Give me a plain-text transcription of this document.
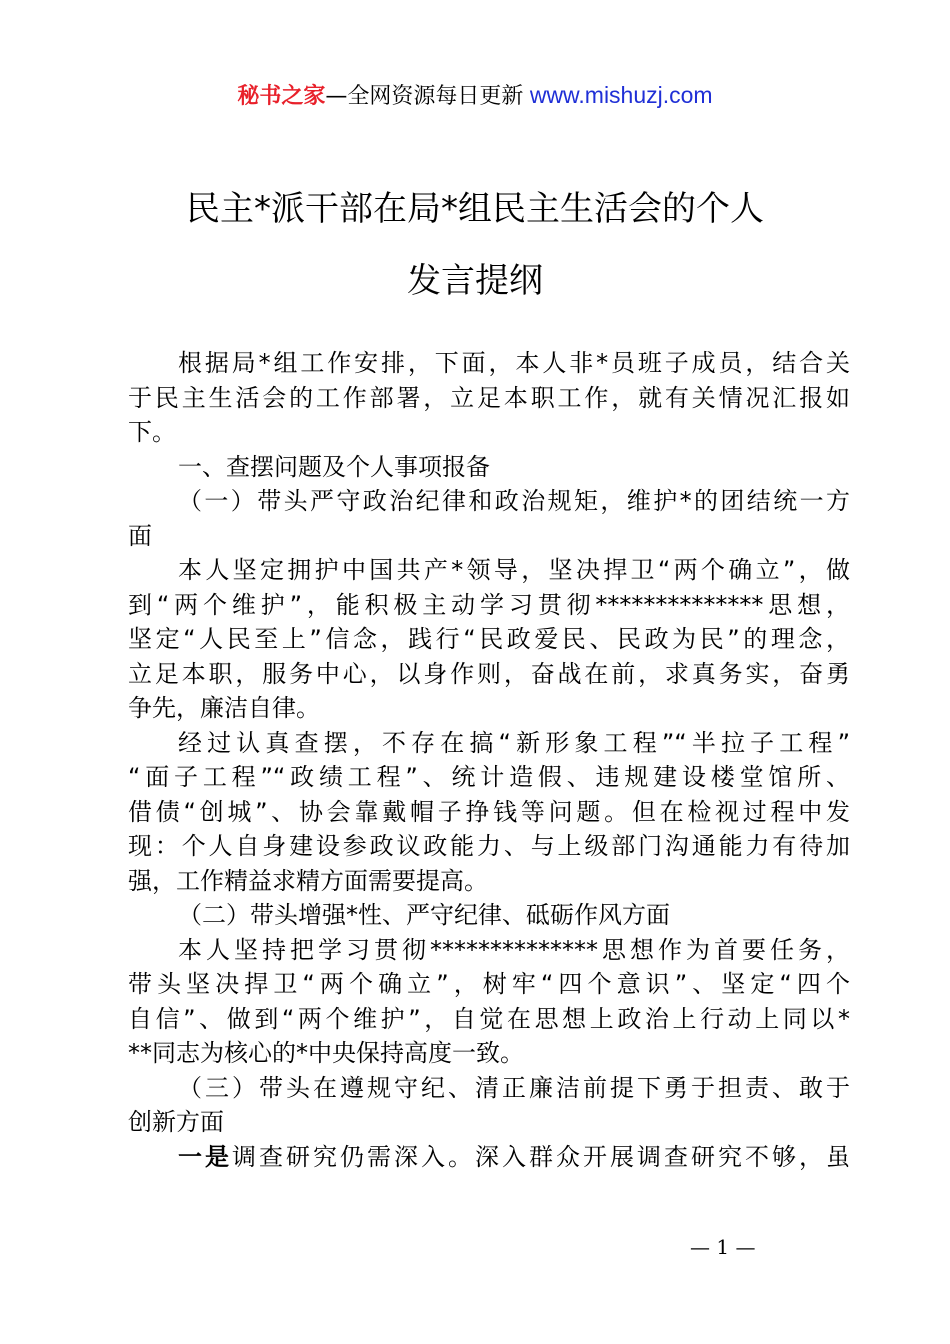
秘书之家—全网资源每日更新 www.mishuzj.com
民主*派干部在局*组民主生活会的个人
发言提纲
根据局*组工作安排，下面，本人非*员班子成员，结合关
于民主生活会的工作部署，立足本职工作，就有关情况汇报如
下。
一、查摆问题及个人事项报备
（一）带头严守政治纪律和政治规矩，维护*的团结统一方
面
本人坚定拥护中国共产*领导，坚决捍卫“两个确立”，做
到“两个维护”，能积极主动学习贯彻**************思想，
坚定“人民至上”信念，践行“民政爱民、民政为民”的理念，
立足本职，服务中心，以身作则，奋战在前，求真务实，奋勇
争先，廉洁自律。
经过认真查摆，不存在搞“新形象工程”“半拉子工程”
“面子工程”“政绩工程”、统计造假、违规建设楼堂馆所、
借债“创城”、协会靠戴帽子挣钱等问题。但在检视过程中发
现：个人自身建设参政议政能力、与上级部门沟通能力有待加
强，工作精益求精方面需要提高。
（二）带头增强*性、严守纪律、砥砺作风方面
本人坚持把学习贯彻**************思想作为首要任务，
带头坚决捍卫“两个确立”，树牢“四个意识”、坚定“四个
自信”、做到“两个维护”，自觉在思想上政治上行动上同以*
**同志为核心的*中央保持高度一致。
（三）带头在遵规守纪、清正廉洁前提下勇于担责、敢于
创新方面
一是调查研究仍需深入。深入群众开展调查研究不够，虽
— 1 —
